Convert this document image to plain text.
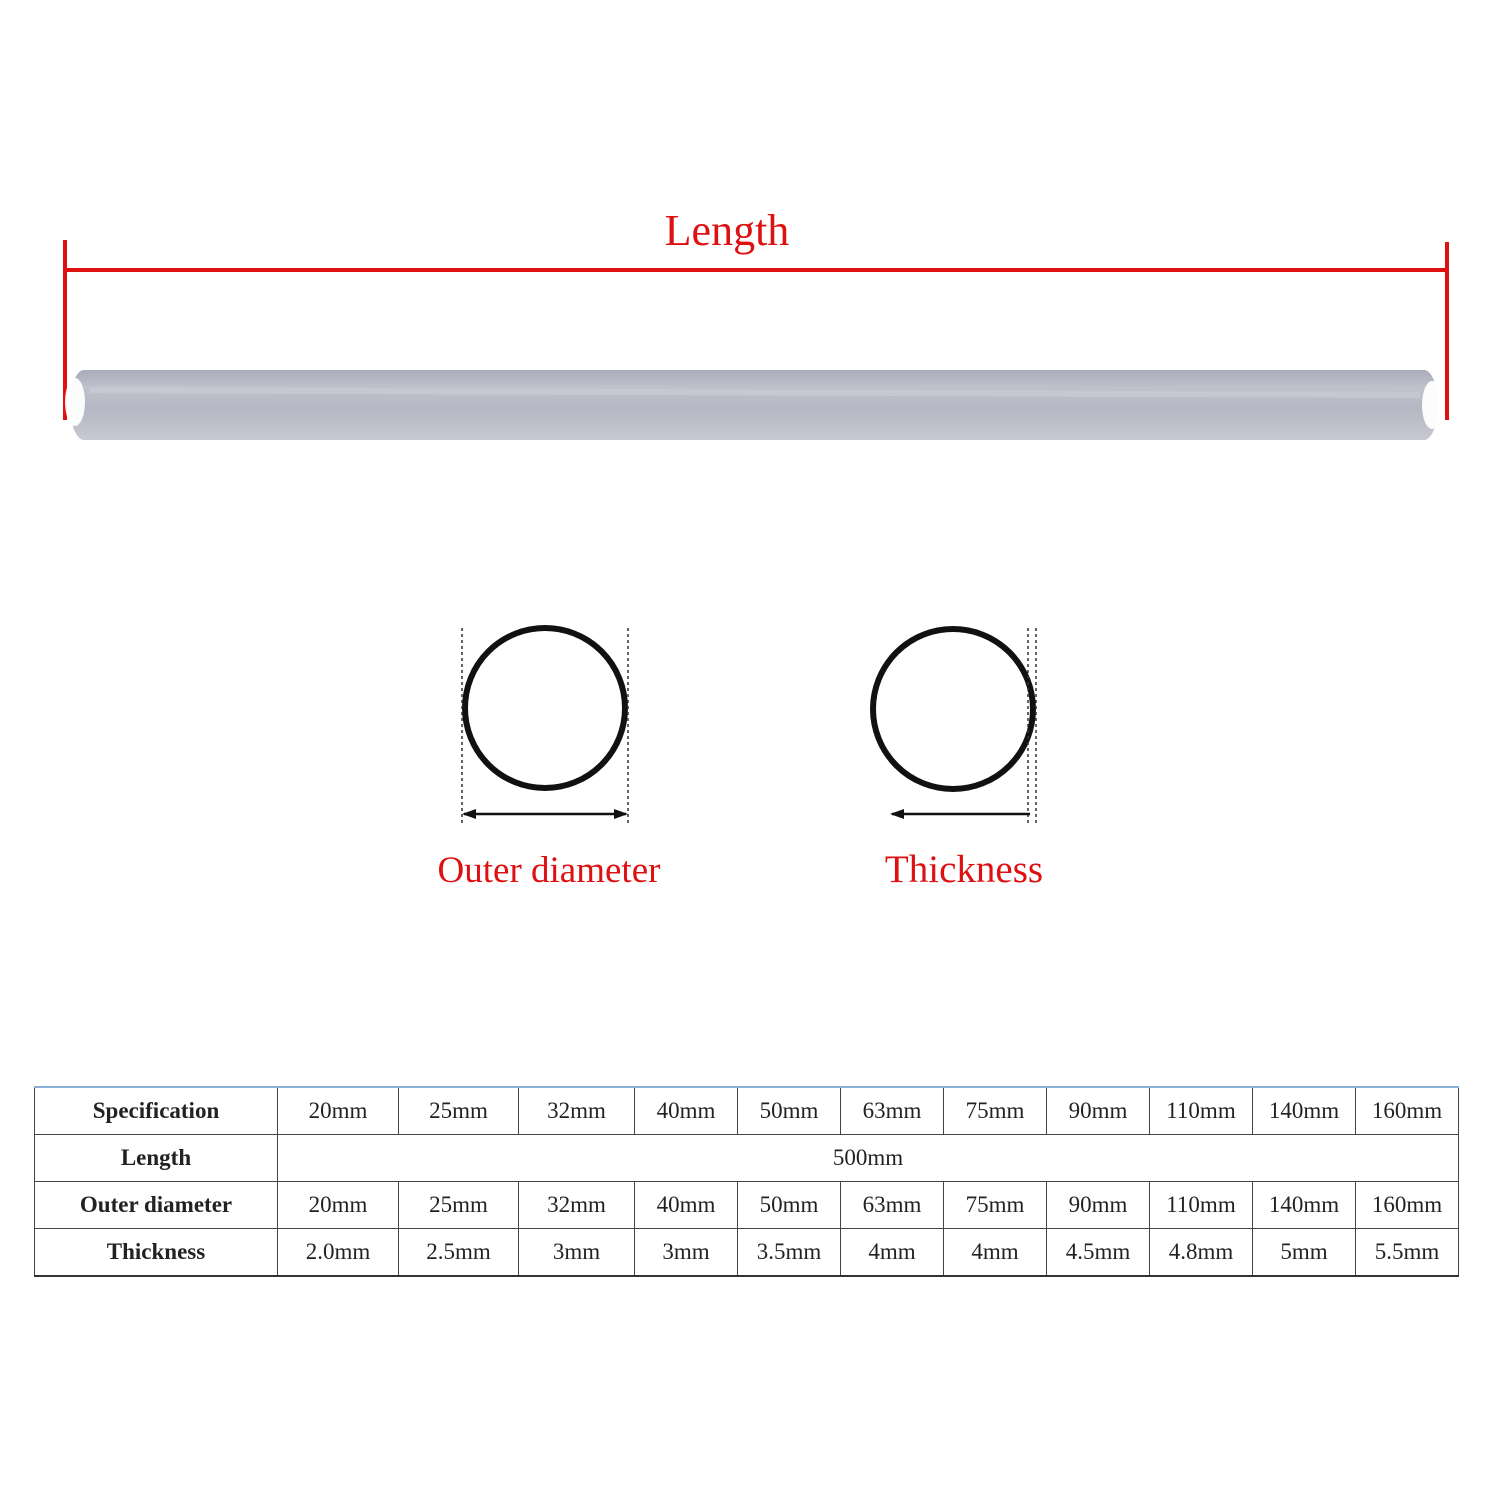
Length
Outer diameter	Thickness
Specification	20mm	25mm	32mm	40mm	50mm	63mm	75mm	90mm	110mm	140mm	160mm
Length	500mm										
Outer diameter	20mm	25mm	32mm	40mm	50mm	63mm	75mm	90mm	110mm	140mm	160mm
Thickness	2.0mm	2.5mm	3mm	3mm	3.5mm	4mm	4mm	4.5mm	4.8mm	5mm	5.5mm
